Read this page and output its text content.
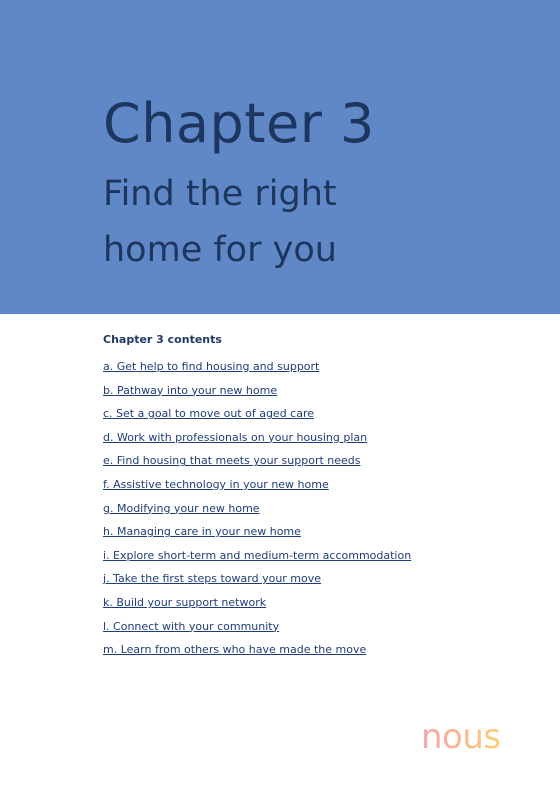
Chapter 3
Find the right home for you
Chapter 3 contents
a. Get help to find housing and support
b. Pathway into your new home
c. Set a goal to move out of aged care
d. Work with professionals on your housing plan
e. Find housing that meets your support needs
f. Assistive technology in your new home
g. Modifying your new home
h. Managing care in your new home
i. Explore short-term and medium-term accommodation
j. Take the first steps toward your move
k. Build your support network
l. Connect with your community
m. Learn from others who have made the move
nous
